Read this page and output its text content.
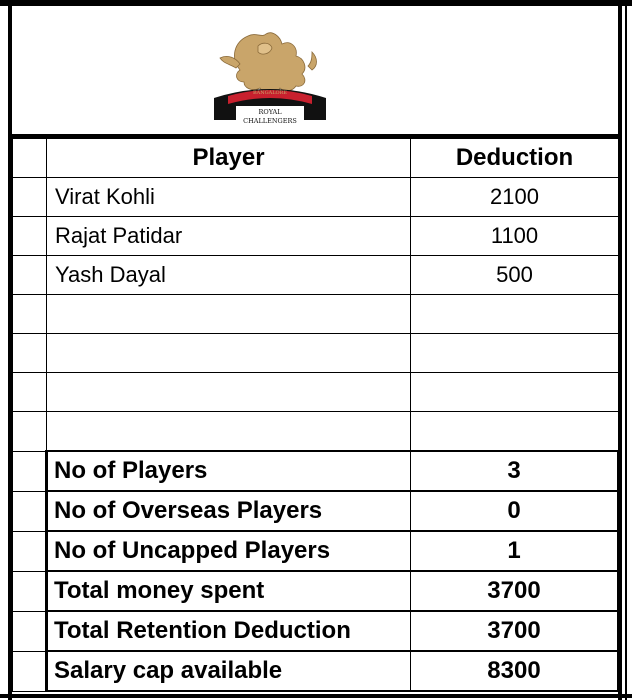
BANGALORE
ROYAL
CHALLENGERS
	Player	Deduction
	Virat Kohli	2100
	Rajat Patidar	1100
	Yash Dayal	500

	No of Players	3
	No of Overseas Players	0
	No of Uncapped Players	1
	Total money spent	3700
	Total Retention Deduction	3700
	Salary cap available	8300
